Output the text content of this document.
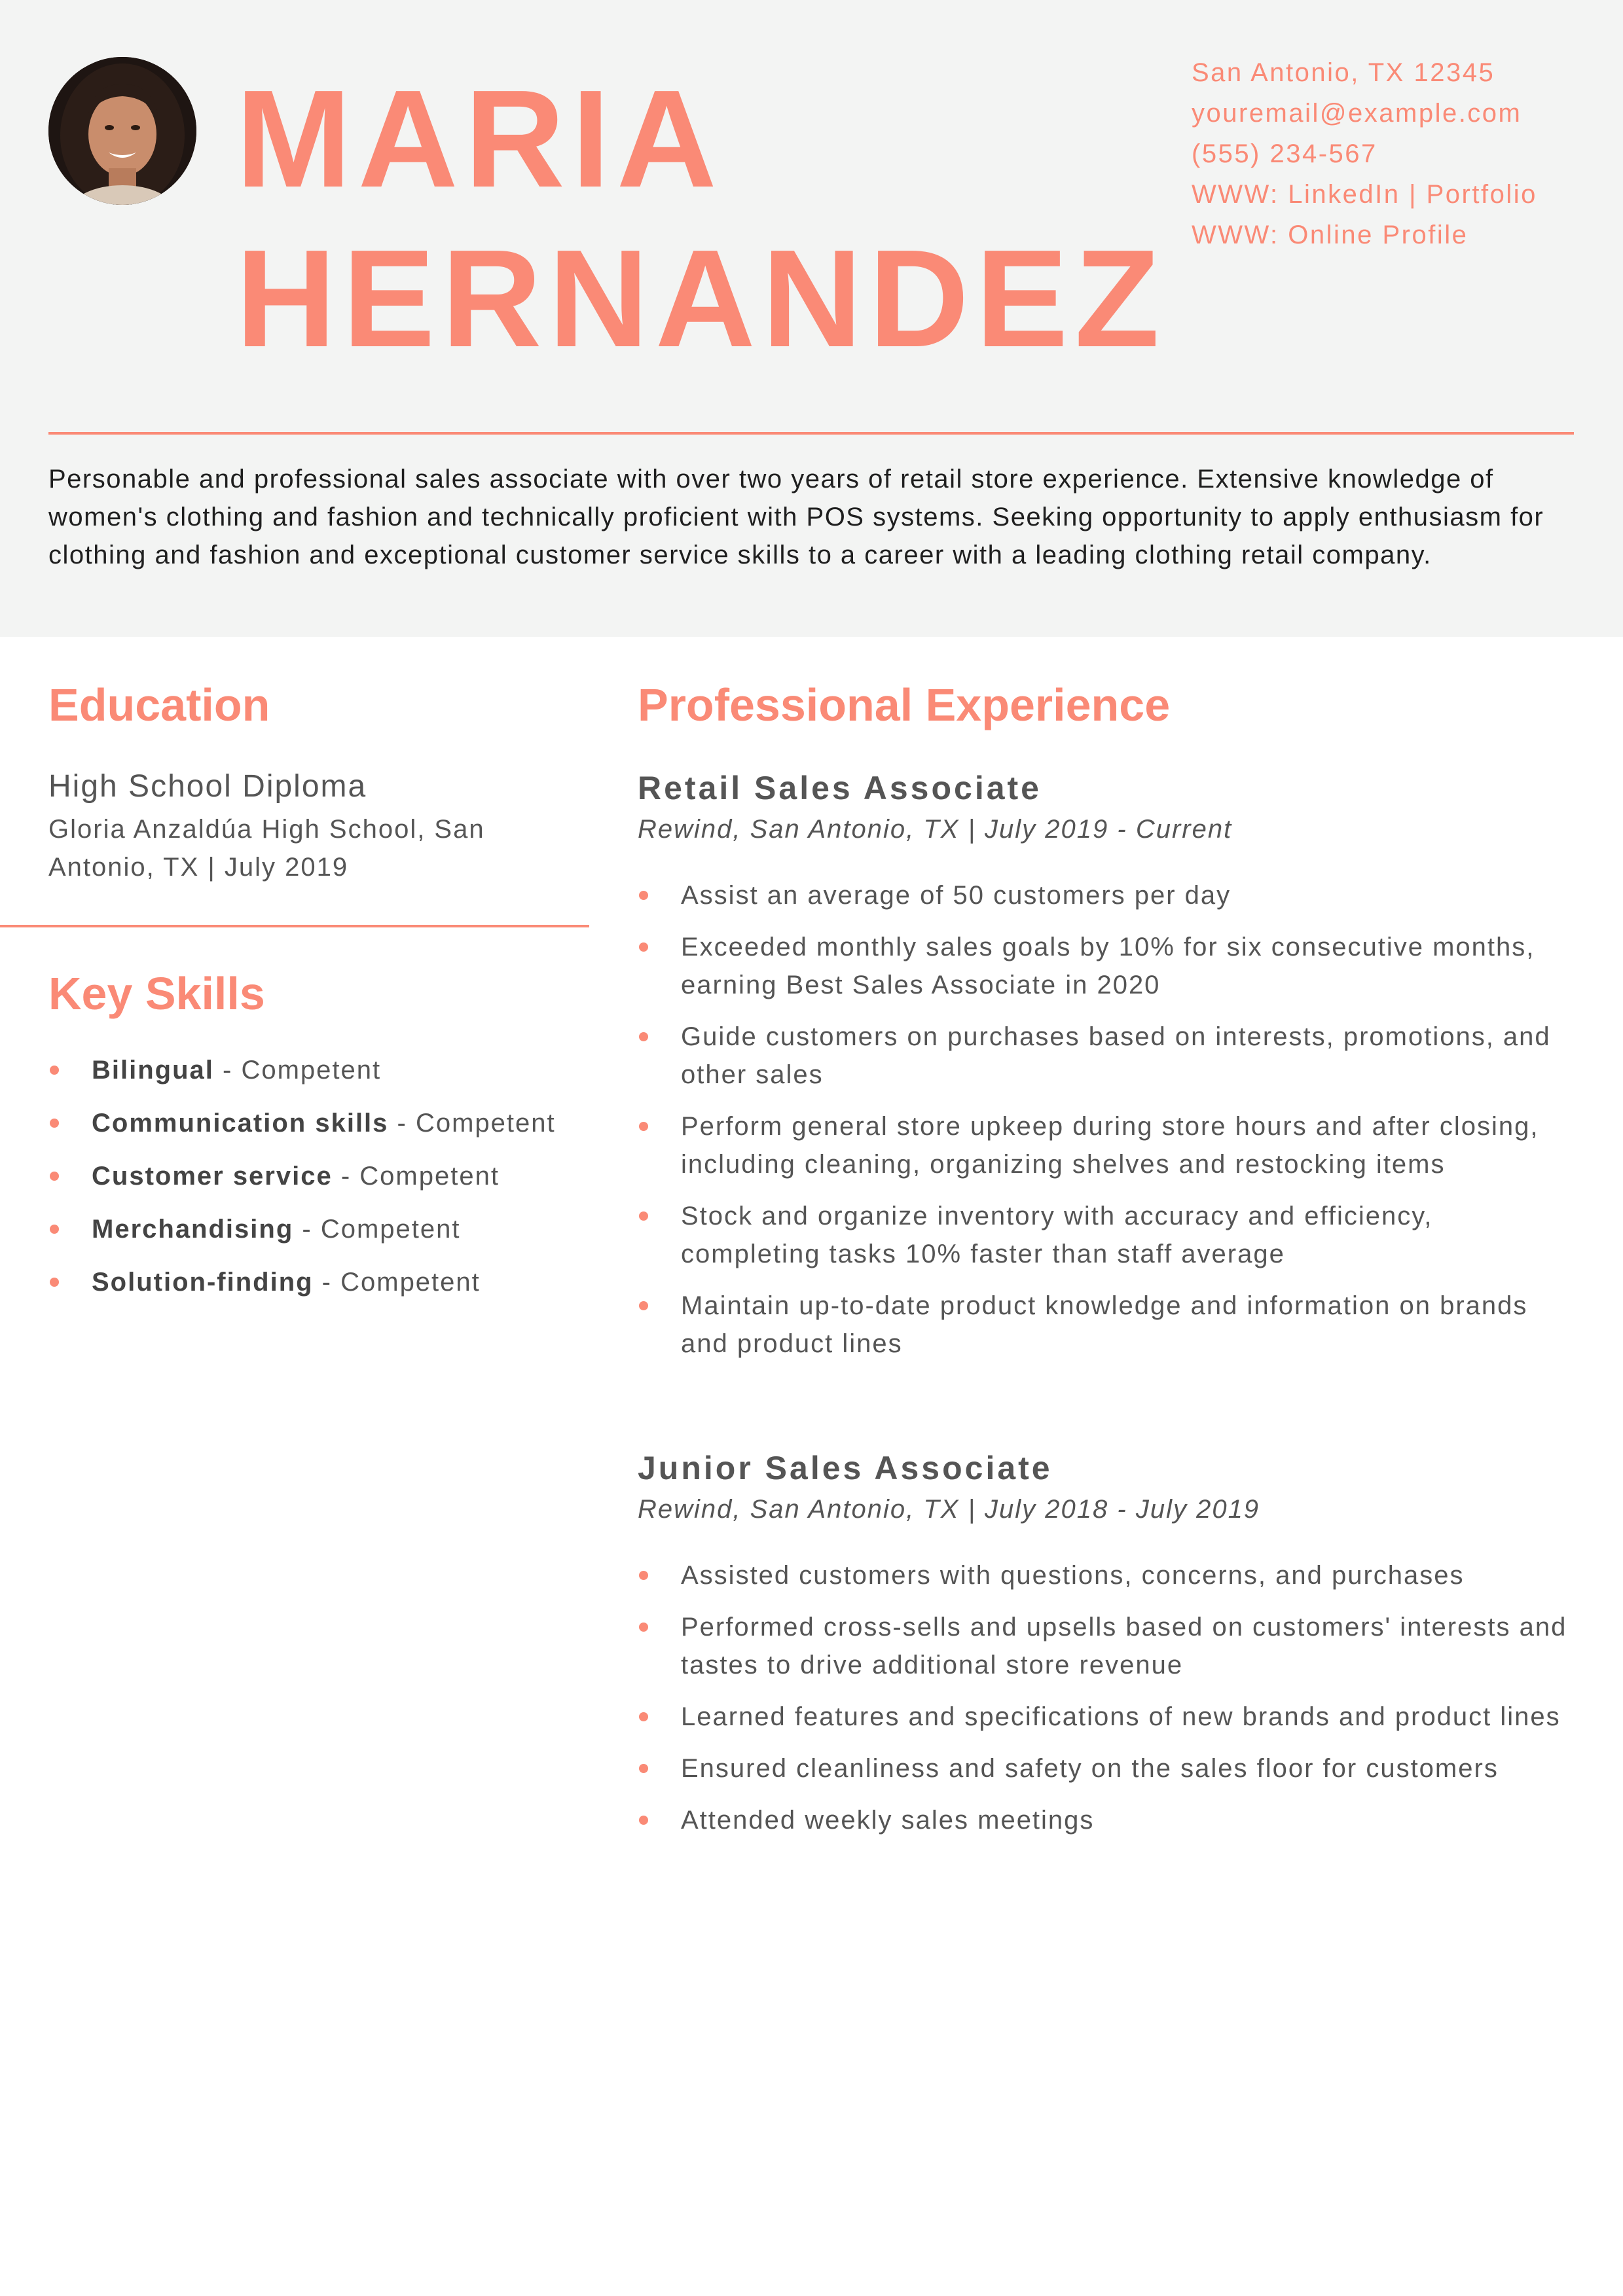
MARIA
HERNANDEZ
San Antonio, TX 12345
youremail@example.com
(555) 234-567
WWW: LinkedIn | Portfolio
WWW: Online Profile

Personable and professional sales associate with over two years of retail store experience. Extensive knowledge of women's clothing and fashion and technically proficient with POS systems. Seeking opportunity to apply enthusiasm for clothing and fashion and exceptional customer service skills to a career with a leading clothing retail company.

Education
High School Diploma
Gloria Anzaldúa High School, San Antonio, TX | July 2019
Key Skills
Bilingual - Competent
Communication skills - Competent
Customer service - Competent
Merchandising - Competent
Solution-finding - Competent
Professional Experience
Retail Sales Associate
Rewind, San Antonio, TX | July 2019 - Current
Assist an average of 50 customers per day
Exceeded monthly sales goals by 10% for six consecutive months, earning Best Sales Associate in 2020
Guide customers on purchases based on interests, promotions, and other sales
Perform general store upkeep during store hours and after closing, including cleaning, organizing shelves and restocking items
Stock and organize inventory with accuracy and efficiency, completing tasks 10% faster than staff average
Maintain up-to-date product knowledge and information on brands and product lines
Junior Sales Associate
Rewind, San Antonio, TX | July 2018 - July 2019
Assisted customers with questions, concerns, and purchases
Performed cross-sells and upsells based on customers' interests and tastes to drive additional store revenue
Learned features and specifications of new brands and product lines
Ensured cleanliness and safety on the sales floor for customers
Attended weekly sales meetings
